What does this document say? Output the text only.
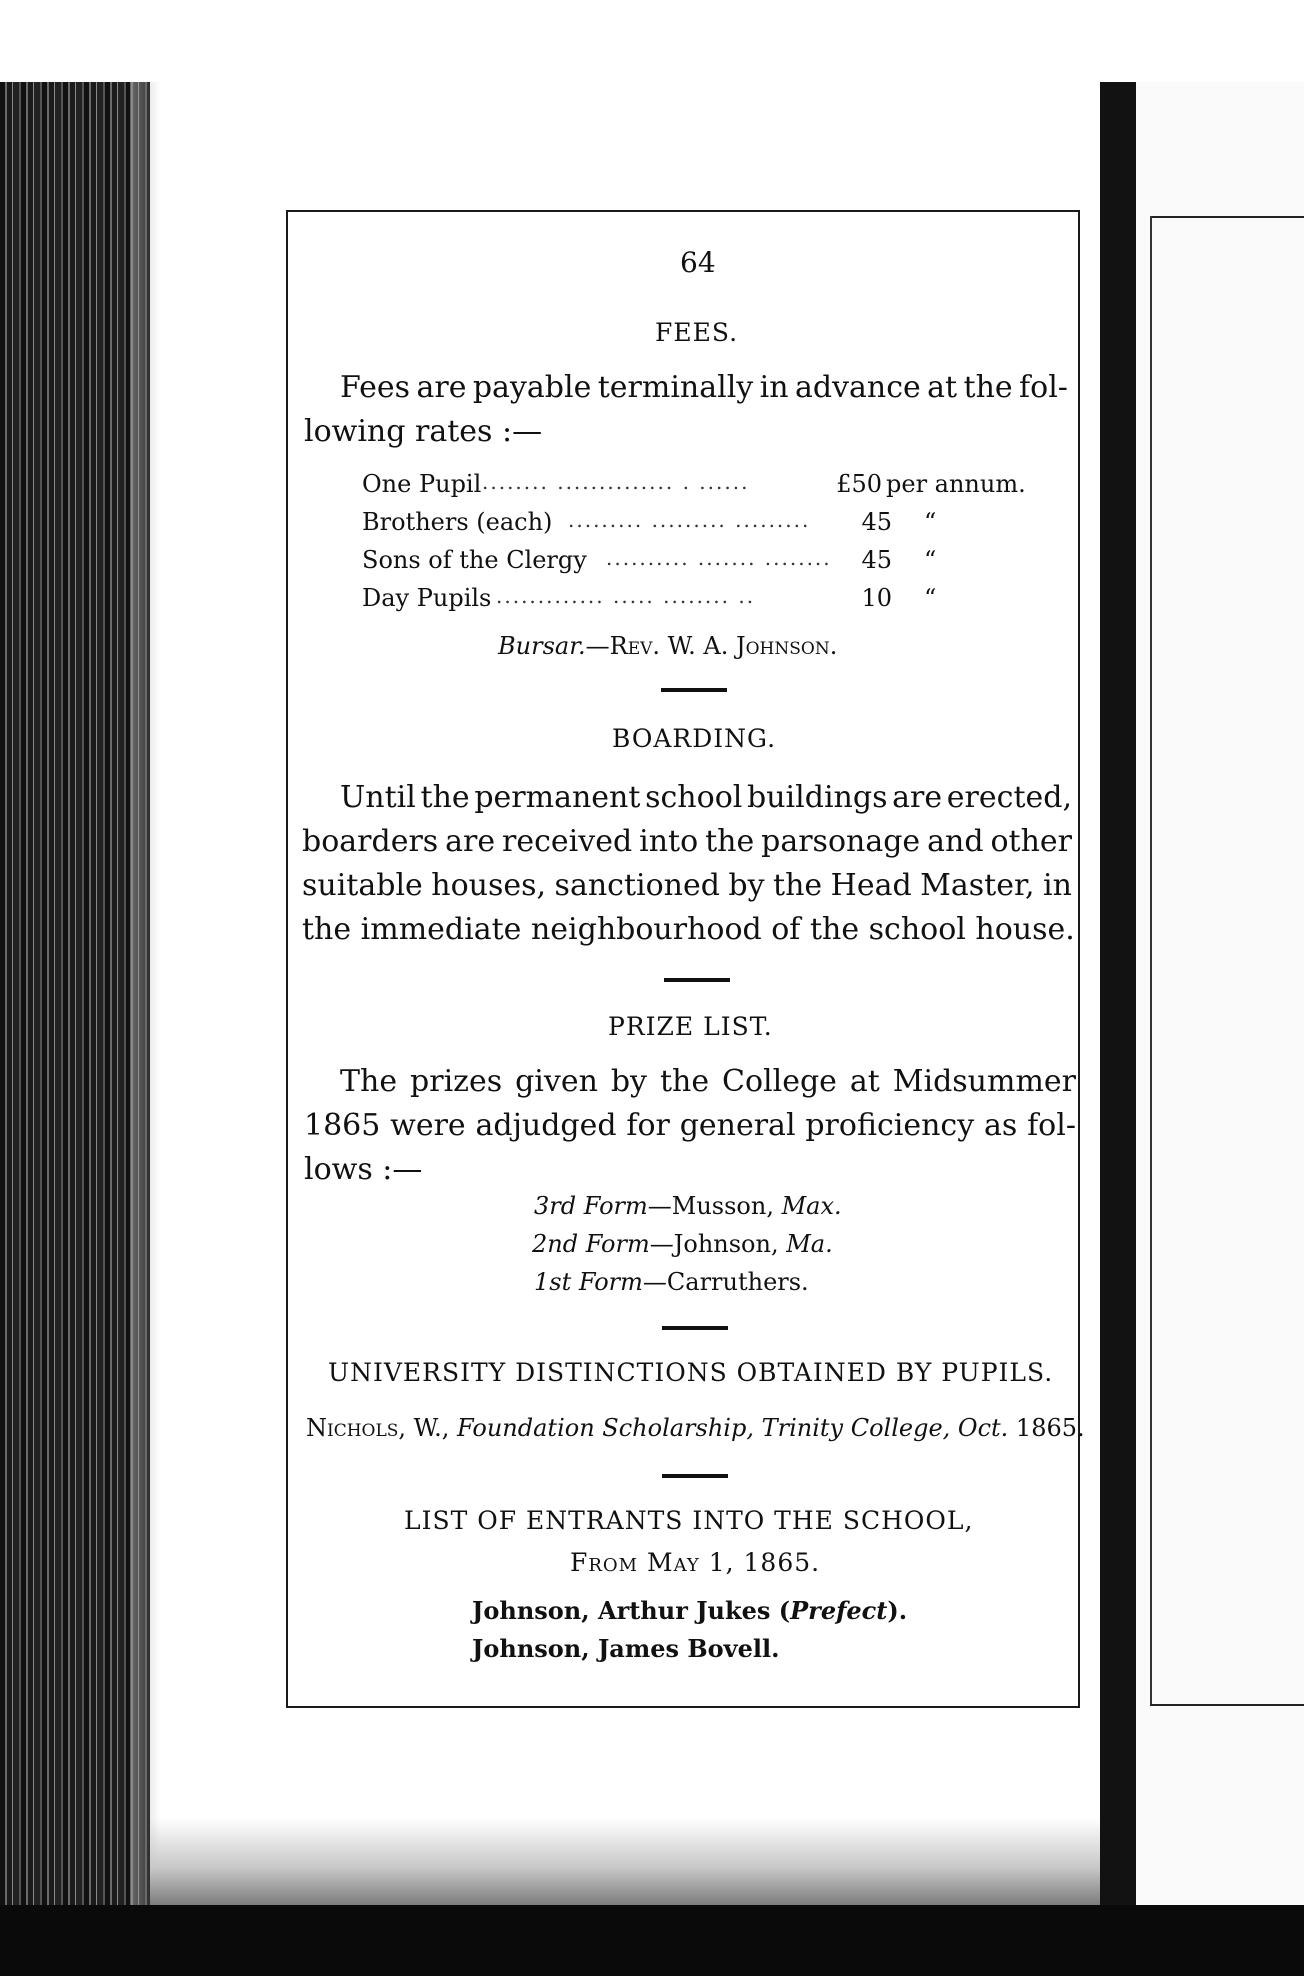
64
FEES.
Fees are payable terminally in advance at the fol-
lowing rates :—
One Pupil ........ .............. . ......	£50 per annum.
Brothers (each) ......... ......... .........	45 “
Sons of the Clergy .......... ....... ........	45 “
Day Pupils ............. ..... ........ ..	10 “
Bursar.—Rev. W. A. Johnson.
BOARDING.
Until the permanent school buildings are erected,
boarders are received into the parsonage and other
suitable houses, sanctioned by the Head Master, in
the immediate neighbourhood of the school house.
PRIZE LIST.
The prizes given by the College at Midsummer
1865 were adjudged for general proficiency as fol-
lows :—
3rd Form—Musson, Max.
2nd Form—Johnson, Ma.
1st Form—Carruthers.
UNIVERSITY DISTINCTIONS OBTAINED BY PUPILS.
Nichols, W., Foundation Scholarship, Trinity College, Oct. 1865.
LIST OF ENTRANTS INTO THE SCHOOL,
From May 1, 1865.
Johnson, Arthur Jukes (Prefect).
Johnson, James Bovell.
